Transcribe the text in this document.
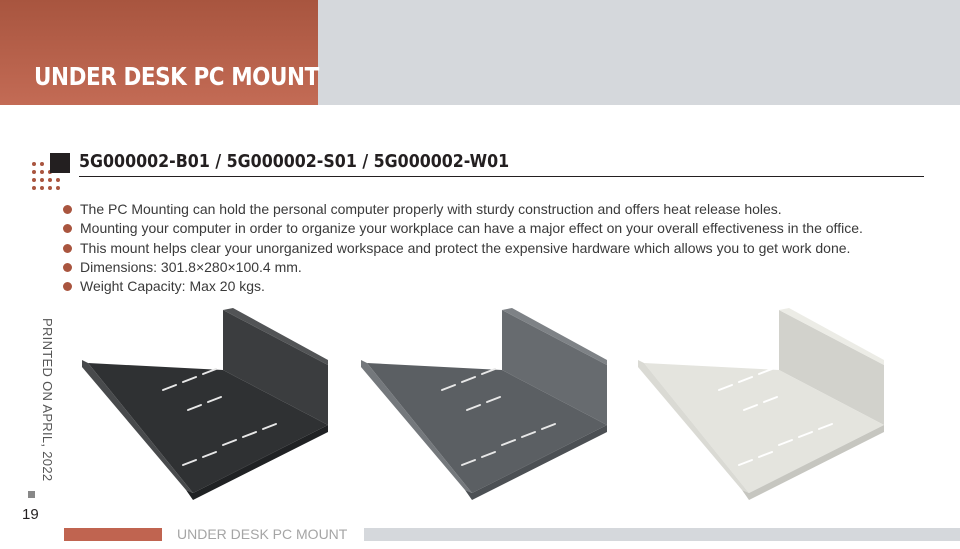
UNDER DESK PC MOUNT
5G000002-B01 / 5G000002-S01 / 5G000002-W01
The PC Mounting can hold the personal computer properly with sturdy construction and offers heat release holes.
Mounting your computer in order to organize your workplace can have a major effect on your overall effectiveness in the office.
This mount helps clear your unorganized workspace and protect the expensive hardware which allows you to get work done.
Dimensions: 301.8×280×100.4 mm.
Weight Capacity: Max 20 kgs.
PRINTED ON APRIL, 2022
19
UNDER DESK PC MOUNT
